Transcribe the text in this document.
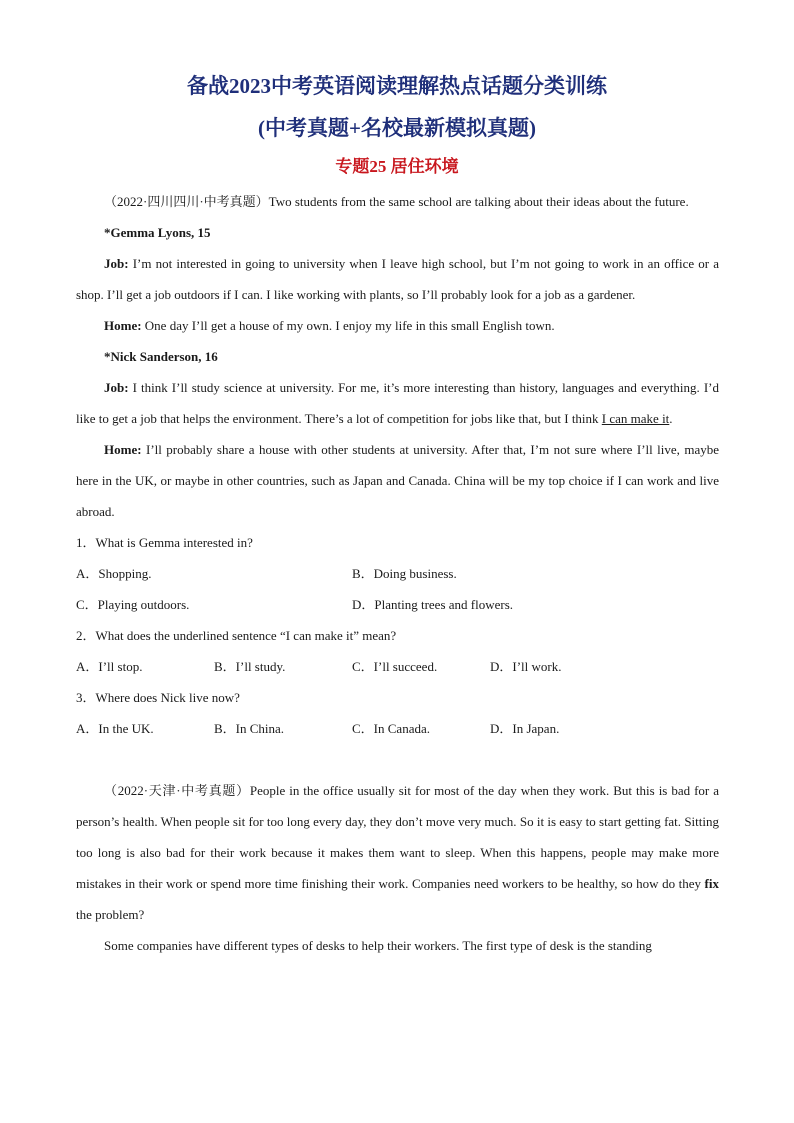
备战2023中考英语阅读理解热点话题分类训练
(中考真题+名校最新模拟真题)
专题25 居住环境

（2022·四川四川·中考真题）Two students from the same school are talking about their ideas about the future.

*Gemma Lyons, 15

Job: I’m not interested in going to university when I leave high school, but I’m not going to work in an office or a shop. I’ll get a job outdoors if I can. I like working with plants, so I’ll probably look for a job as a gardener.

Home: One day I’ll get a house of my own. I enjoy my life in this small English town.

*Nick Sanderson, 16

Job: I think I’ll study science at university. For me, it’s more interesting than history, languages and everything. I’d like to get a job that helps the environment. There’s a lot of competition for jobs like that, but I think I can make it.

Home: I’ll probably share a house with other students at university. After that, I’m not sure where I’ll live, maybe here in the UK, or maybe in other countries, such as Japan and Canada. China will be my top choice if I can work and live abroad.

1．What is Gemma interested in?

A．Shopping.	B．Doing business.
C．Playing outdoors.	D．Planting trees and flowers.

2．What does the underlined sentence “I can make it” mean?

A．I’ll stop.	B．I’ll study.	C．I’ll succeed.	D．I’ll work.

3．Where does Nick live now?

A．In the UK.	B．In China.	C．In Canada.	D．In Japan.

（2022·天津·中考真题）People in the office usually sit for most of the day when they work. But this is bad for a person’s health. When people sit for too long every day, they don’t move very much. So it is easy to start getting fat. Sitting too long is also bad for their work because it makes them want to sleep. When this happens, people may make more mistakes in their work or spend more time finishing their work. Companies need workers to be healthy, so how do they fix the problem?

Some companies have different types of desks to help their workers. The first type of desk is the standing
